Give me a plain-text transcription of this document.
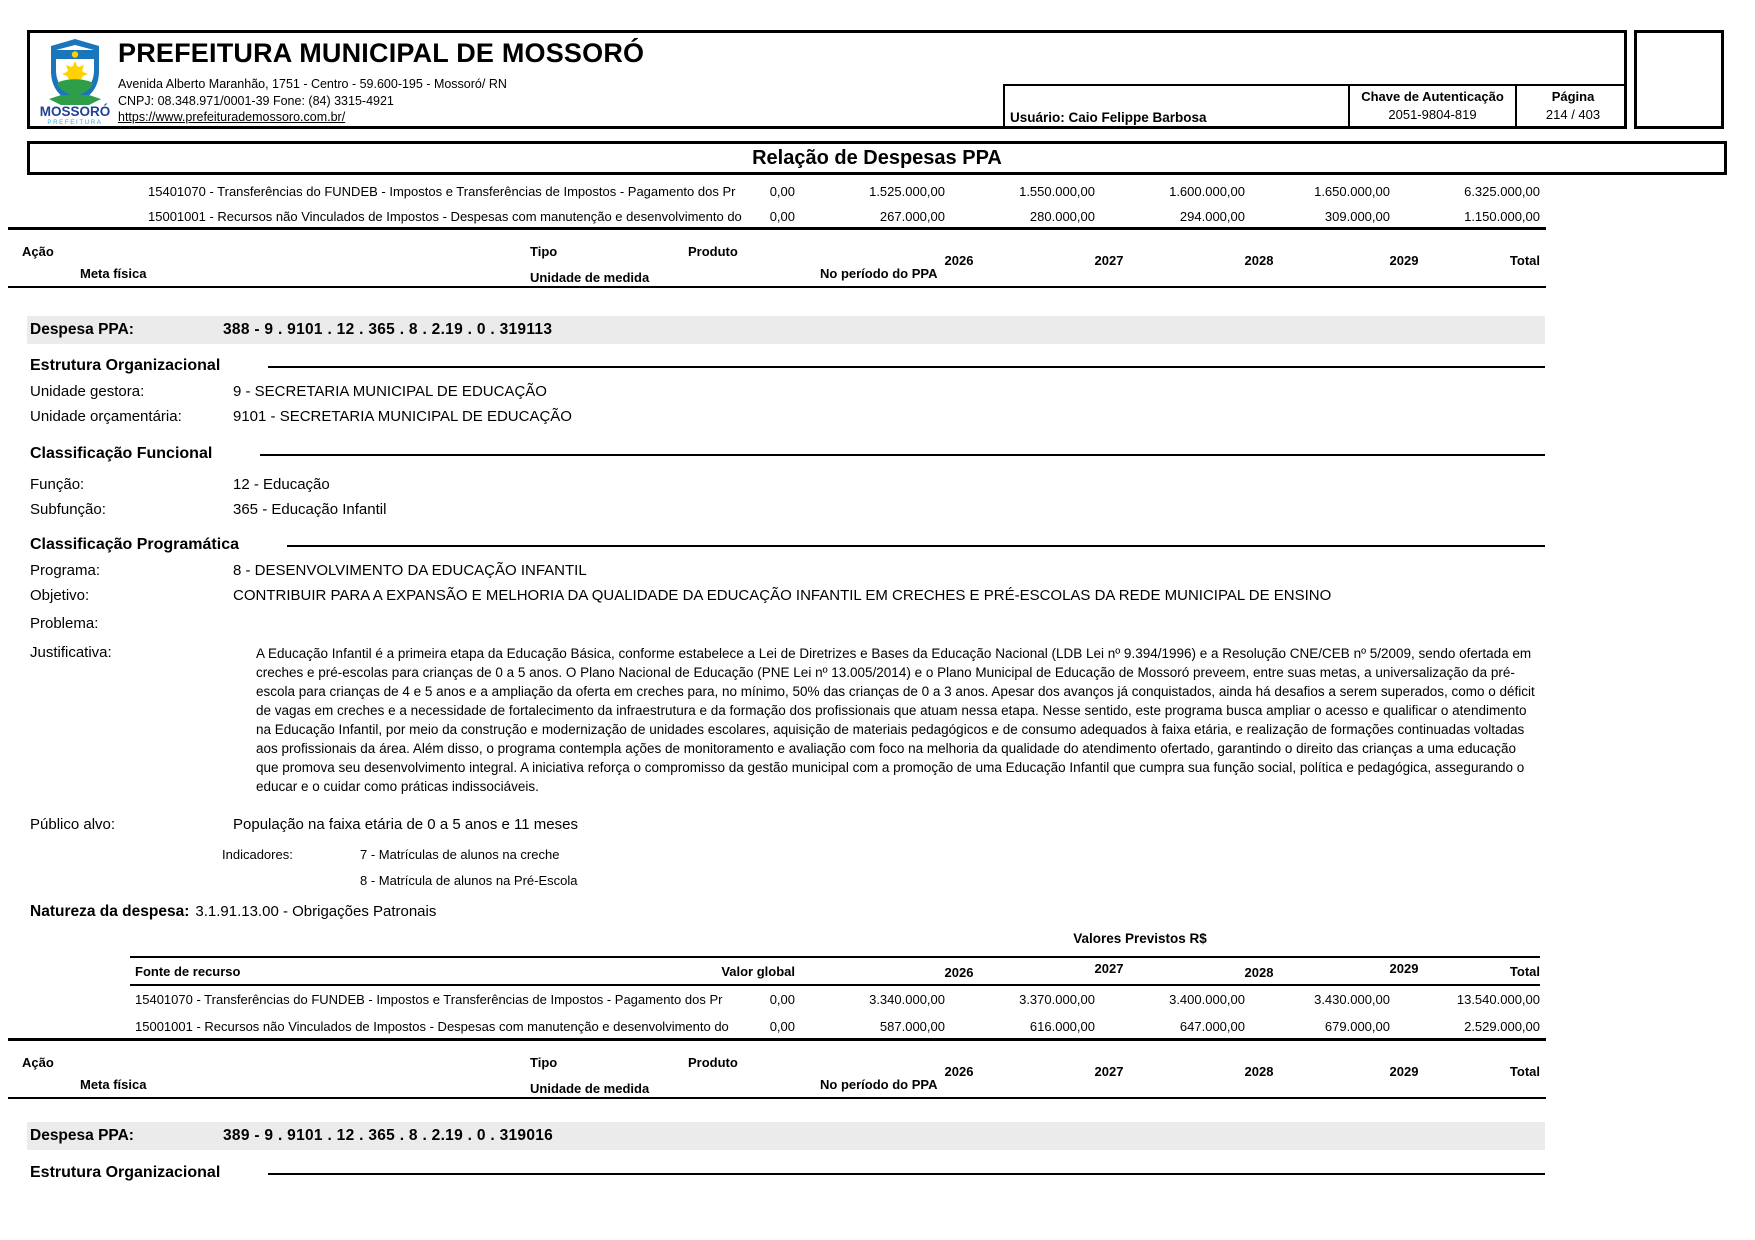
MOSSORÓ
PREFEITURA
PREFEITURA MUNICIPAL DE MOSSORÓ
Avenida Alberto Maranhão, 1751 - Centro - 59.600-195 - Mossoró/ RN
CNPJ: 08.348.971/0001-39 Fone: (84) 3315-4921
https://www.prefeiturademossoro.com.br/	Usuário: Caio Felippe Barbosa
Chave de Autenticação
2051-9804-819
Página
214 / 403
Relação de Despesas PPA
15401070 - Transferências do FUNDEB - Impostos e Transferências de Impostos - Pagamento dos Pr	0,00	1.525.000,00	1.550.000,00	1.600.000,00	1.650.000,00	6.325.000,00
15001001 - Recursos não Vinculados de Impostos - Despesas com manutenção e desenvolvimento do	0,00	267.000,00	280.000,00	294.000,00	309.000,00	1.150.000,00
Ação	Tipo	Produto
Meta física	Unidade de medida	No período do PPA
2026	2027	2028	2029	Total
Despesa PPA:	388 - 9 . 9101 . 12 . 365 . 8 . 2.19 . 0 . 319113
Estrutura Organizacional
Unidade gestora:	9 - SECRETARIA MUNICIPAL DE EDUCAÇÃO
Unidade orçamentária:	9101 - SECRETARIA MUNICIPAL DE EDUCAÇÃO
Classificação Funcional
Função:	12 - Educação
Subfunção:	365 - Educação Infantil
Classificação Programática
Programa:	8 - DESENVOLVIMENTO DA EDUCAÇÃO INFANTIL
Objetivo:	CONTRIBUIR PARA A EXPANSÃO E MELHORIA DA QUALIDADE DA EDUCAÇÃO INFANTIL EM CRECHES E PRÉ-ESCOLAS DA REDE MUNICIPAL DE ENSINO
Problema:
Justificativa:	A Educação Infantil é a primeira etapa da Educação Básica, conforme estabelece a Lei de Diretrizes e Bases da Educação Nacional (LDB Lei nº 9.394/1996) e a Resolução CNE/CEB nº 5/2009, sendo ofertada em creches e pré-escolas para crianças de 0 a 5 anos. O Plano Nacional de Educação (PNE Lei nº 13.005/2014) e o Plano Municipal de Educação de Mossoró preveem, entre suas metas, a universalização da pré-escola para crianças de 4 e 5 anos e a ampliação da oferta em creches para, no mínimo, 50% das crianças de 0 a 3 anos. Apesar dos avanços já conquistados, ainda há desafios a serem superados, como o déficit de vagas em creches e a necessidade de fortalecimento da infraestrutura e da formação dos profissionais que atuam nessa etapa. Nesse sentido, este programa busca ampliar o acesso e qualificar o atendimento na Educação Infantil, por meio da construção e modernização de unidades escolares, aquisição de materiais pedagógicos e de consumo adequados à faixa etária, e realização de formações continuadas voltadas aos profissionais da área. Além disso, o programa contempla ações de monitoramento e avaliação com foco na melhoria da qualidade do atendimento ofertado, garantindo o direito das crianças a uma educação que promova seu desenvolvimento integral. A iniciativa reforça o compromisso da gestão municipal com a promoção de uma Educação Infantil que cumpra sua função social, política e pedagógica, assegurando o educar e o cuidar como práticas indissociáveis.
Público alvo:	População na faixa etária de 0 a 5 anos e 11 meses
Indicadores:	7 - Matrículas de alunos na creche
8 - Matrícula de alunos na Pré-Escola
Natureza da despesa: 3.1.91.13.00 - Obrigações Patronais
Valores Previstos R$
Fonte de recurso	Valor global	2026	2027	2028	2029	Total
15401070 - Transferências do FUNDEB - Impostos e Transferências de Impostos - Pagamento dos Pr	0,00	3.340.000,00	3.370.000,00	3.400.000,00	3.430.000,00	13.540.000,00
15001001 - Recursos não Vinculados de Impostos - Despesas com manutenção e desenvolvimento do	0,00	587.000,00	616.000,00	647.000,00	679.000,00	2.529.000,00
Ação	Tipo	Produto
Meta física	Unidade de medida	No período do PPA
2026	2027	2028	2029	Total
Despesa PPA:	389 - 9 . 9101 . 12 . 365 . 8 . 2.19 . 0 . 319016
Estrutura Organizacional
